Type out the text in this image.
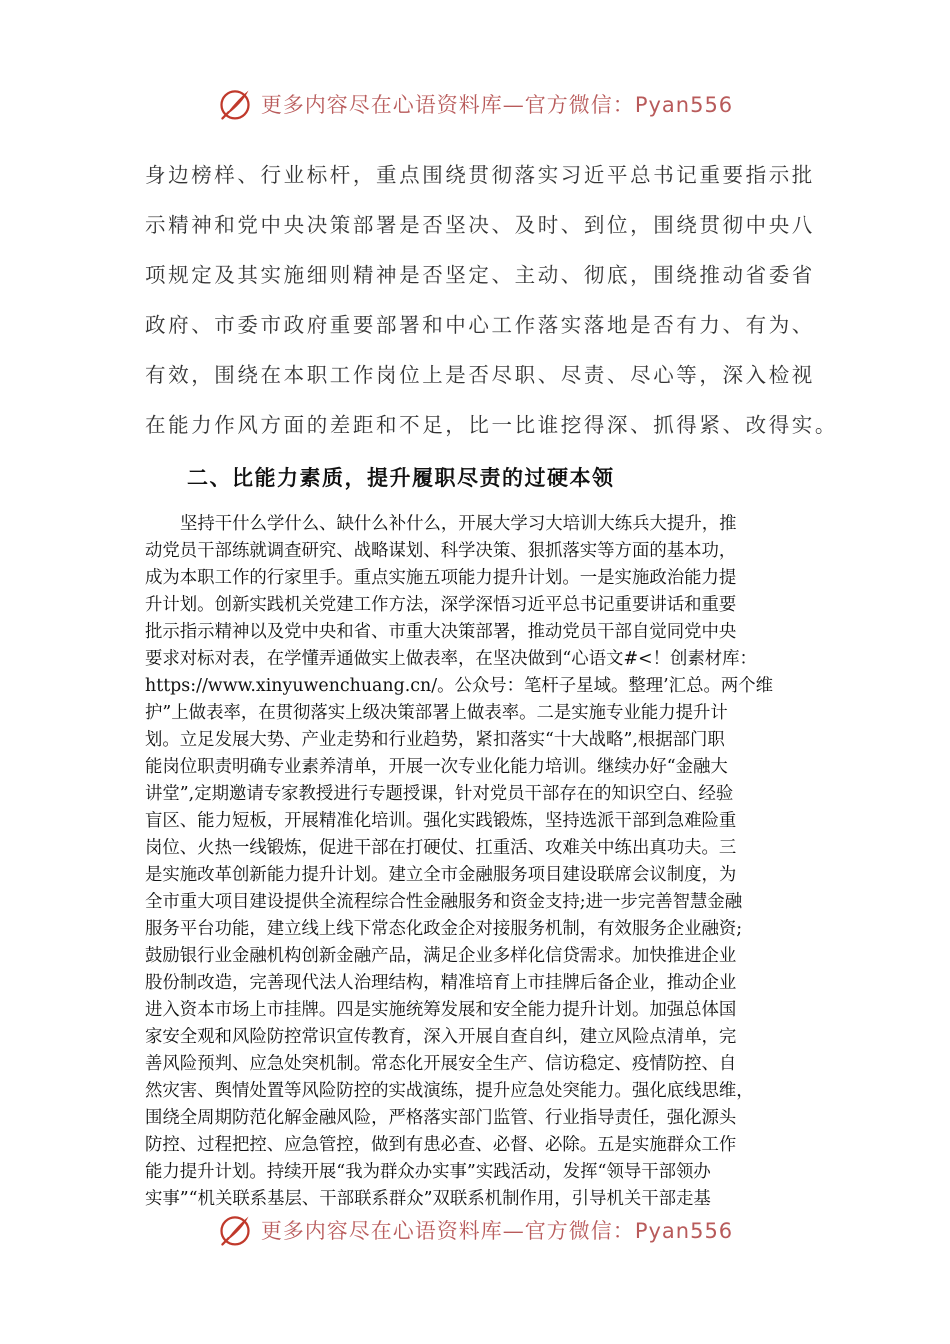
更多内容尽在心语资料库—官方微信：Pyan556
身边榜样、行业标杆，重点围绕贯彻落实习近平总书记重要指示批
示精神和党中央决策部署是否坚决、及时、到位，围绕贯彻中央八
项规定及其实施细则精神是否坚定、主动、彻底，围绕推动省委省
政府、市委市政府重要部署和中心工作落实落地是否有力、有为、
有效，围绕在本职工作岗位上是否尽职、尽责、尽心等，深入检视
在能力作风方面的差距和不足，比一比谁挖得深、抓得紧、改得实。
二、比能力素质，提升履职尽责的过硬本领
坚持干什么学什么、缺什么补什么，开展大学习大培训大练兵大提升，推
动党员干部练就调查研究、战略谋划、科学决策、狠抓落实等方面的基本功，
成为本职工作的行家里手。重点实施五项能力提升计划。一是实施政治能力提
升计划。创新实践机关党建工作方法，深学深悟习近平总书记重要讲话和重要
批示指示精神以及党中央和省、市重大决策部署，推动党员干部自觉同党中央
要求对标对表，在学懂弄通做实上做表率，在坚决做到“心语文#<！创素材库：
https://www.xinyuwenchuang.cn/。公众号：笔杆子星域。整理’汇总。两个维
护”上做表率，在贯彻落实上级决策部署上做表率。二是实施专业能力提升计
划。立足发展大势、产业走势和行业趋势，紧扣落实“十大战略”,根据部门职
能岗位职责明确专业素养清单，开展一次专业化能力培训。继续办好“金融大
讲堂”,定期邀请专家教授进行专题授课，针对党员干部存在的知识空白、经验
盲区、能力短板，开展精准化培训。强化实践锻炼，坚持选派干部到急难险重
岗位、火热一线锻炼，促进干部在打硬仗、扛重活、攻难关中练出真功夫。三
是实施改革创新能力提升计划。建立全市金融服务项目建设联席会议制度，为
全市重大项目建设提供全流程综合性金融服务和资金支持;进一步完善智慧金融
服务平台功能，建立线上线下常态化政金企对接服务机制，有效服务企业融资;
鼓励银行业金融机构创新金融产品，满足企业多样化信贷需求。加快推进企业
股份制改造，完善现代法人治理结构，精准培育上市挂牌后备企业，推动企业
进入资本市场上市挂牌。四是实施统筹发展和安全能力提升计划。加强总体国
家安全观和风险防控常识宣传教育，深入开展自查自纠，建立风险点清单，完
善风险预判、应急处突机制。常态化开展安全生产、信访稳定、疫情防控、自
然灾害、舆情处置等风险防控的实战演练，提升应急处突能力。强化底线思维，
围绕全周期防范化解金融风险，严格落实部门监管、行业指导责任，强化源头
防控、过程把控、应急管控，做到有患必查、必督、必除。五是实施群众工作
能力提升计划。持续开展“我为群众办实事”实践活动，发挥“领导干部领办
实事”“机关联系基层、干部联系群众”双联系机制作用，引导机关干部走基
更多内容尽在心语资料库—官方微信：Pyan556
